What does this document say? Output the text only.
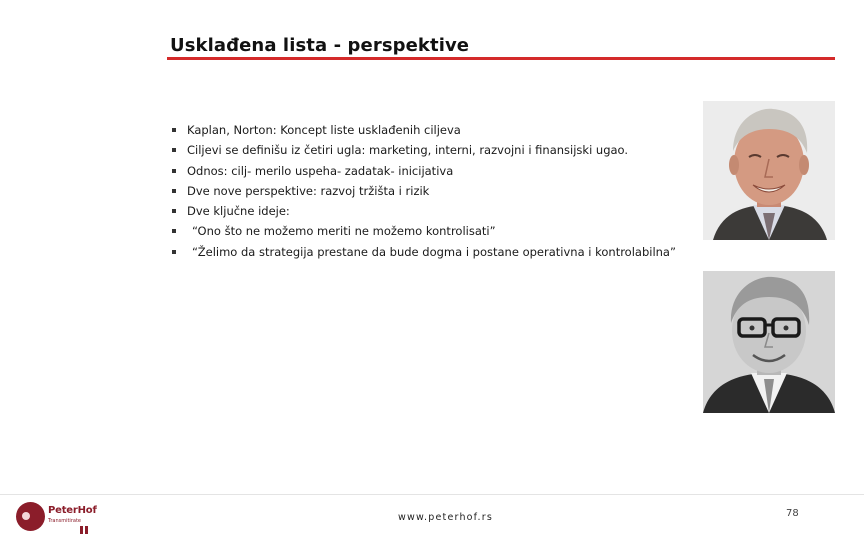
Usklađena lista - perspektive
Kaplan, Norton: Koncept liste usklađenih ciljeva
Ciljevi se definišu iz četiri ugla: marketing, interni, razvojni i finansijski ugao.
Odnos: cilj- merilo uspeha- zadatak- inicijativa
Dve nove perspektive: razvoj tržišta i rizik
Dve ključne ideje:
“Ono što ne možemo meriti ne možemo kontrolisati”
“Želimo da strategija prestane da bude dogma i postane operativna i kontrolabilna”
PeterHof
Transmitirate	www.peterhof.rs	78
